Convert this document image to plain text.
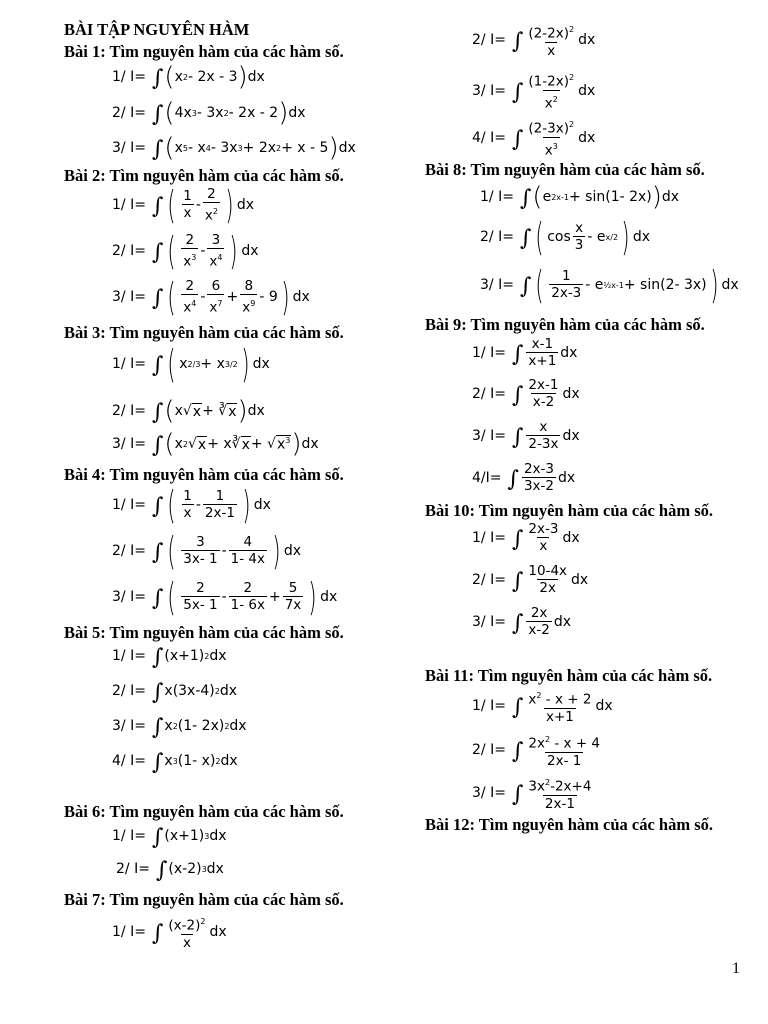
BÀI TẬP NGUYÊN HÀM
Bài 1: Tìm nguyên hàm của các hàm số.
1/ I= ∫ ( x 2 - 2x - 3 ) dx
2/ I= ∫ ( 4x 3 - 3x 2 - 2x - 2 ) dx
3/ I= ∫ ( x 5 - x 4 - 3x 3 + 2x 2 + x - 5 ) dx
Bài 2: Tìm nguyên hàm của các hàm số.
1/ I= ∫ ( $\frac{1}{x} - \frac{2}{x^2}$ ) dx
2/ I= ∫ ( $\frac{2}{x^3} - \frac{3}{x^4}$ ) dx
3/ I= ∫ ( $\frac{2}{x^4} - \frac{6}{x^7} + \frac{8}{x^9} - 9$ ) dx
Bài 3: Tìm nguyên hàm của các hàm số.
1/ I= ∫ ( x 2/3 + x 3/2 ) dx
2/ I= ∫ ( x√ x + ∛ x ) dx
3/ I= ∫ ( x 2 √ x + x∛ x + √ $x^3$ ) dx
Bài 4: Tìm nguyên hàm của các hàm số.
1/ I= ∫ ( $\frac{1}{x} - \frac{1}{2x-1}$ ) dx
2/ I= ∫ ( $\frac{3}{3x- 1} - \frac{4}{1- 4x}$ ) dx
3/ I= ∫ ( $\frac{2}{5x- 1} - \frac{2}{1- 6x} + \frac{5}{7x}$ ) dx
Bài 5: Tìm nguyên hàm của các hàm số.
1/ I= ∫ (x+1) 2 dx
2/ I= ∫ x(3x-4) 2 dx
3/ I= ∫ x 2 (1- 2x) 2 dx
4/ I= ∫ x 3 (1- x) 2 dx
Bài 6: Tìm nguyên hàm của các hàm số.
1/ I= ∫ (x+1) 3 dx
2/ I= ∫ (x-2) 3 dx
Bài 7: Tìm nguyên hàm của các hàm số.
1/ I= ∫ $\frac{(x-2)^2}{x}$ dx
2/ I= ∫ $\frac{(2-2x)^2}{x}$ dx
3/ I= ∫ $\frac{(1-2x)^2}{x^2}$ dx
4/ I= ∫ $\frac{(2-3x)^2}{x^3}$ dx
Bài 8: Tìm nguyên hàm của các hàm số.
1/ I= ∫ ( e 2x-1 + sin(1- 2x) ) dx
2/ I= ∫ ( $\cos \frac{x}{3}$ - e x/2 ) dx
3/ I= ∫ ( $\frac{1}{2x-3}$ - e ½x-1 + sin(2- 3x) ) dx
Bài 9: Tìm nguyên hàm của các hàm số.
1/ I= ∫ $\frac{x-1}{x+1}$ dx
2/ I= ∫ $\frac{2x-1}{x-2}$ dx
3/ I= ∫ $\frac{x}{2-3x}$ dx
4/I= ∫ $\frac{2x-3}{3x-2}$ dx
Bài 10: Tìm nguyên hàm của các hàm số.
1/ I= ∫ $\frac{2x-3}{x}$ dx
2/ I= ∫ $\frac{10-4x}{2x}$ dx
3/ I= ∫ $\frac{2x}{x-2}$ dx
Bài 11: Tìm nguyên hàm của các hàm số.
1/ I= ∫ $\frac{x^2 - x + 2}{x+1}$ dx
2/ I= ∫ $\frac{2x^2 - x + 4}{2x- 1}$
3/ I= ∫ $\frac{3x^2-2x+4}{2x-1}$
Bài 12: Tìm nguyên hàm của các hàm số.
1
